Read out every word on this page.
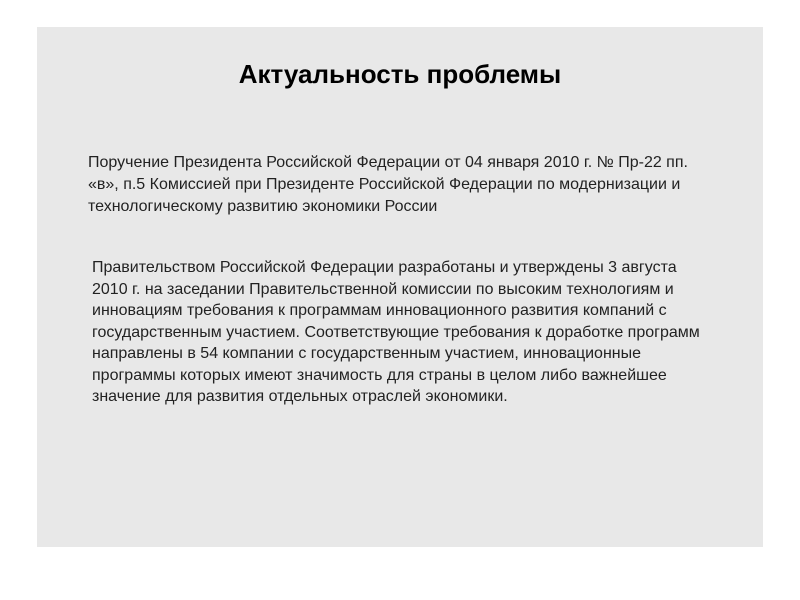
Актуальность проблемы

Поручение Президента Российской Федерации от 04 января 2010 г. № Пр-22 пп. «в», п.5 Комиссией при Президенте Российской Федерации по модернизации и технологическому развитию экономики России

Правительством Российской Федерации разработаны и утверждены 3 августа 2010 г. на заседании Правительственной комиссии по высоким технологиям и инновациям требования к программам инновационного развития компаний с государственным участием. Соответствующие требования к доработке программ направлены в 54 компании с государственным участием, инновационные программы которых имеют значимость для страны в целом либо важнейшее значение для развития отдельных отраслей экономики.
